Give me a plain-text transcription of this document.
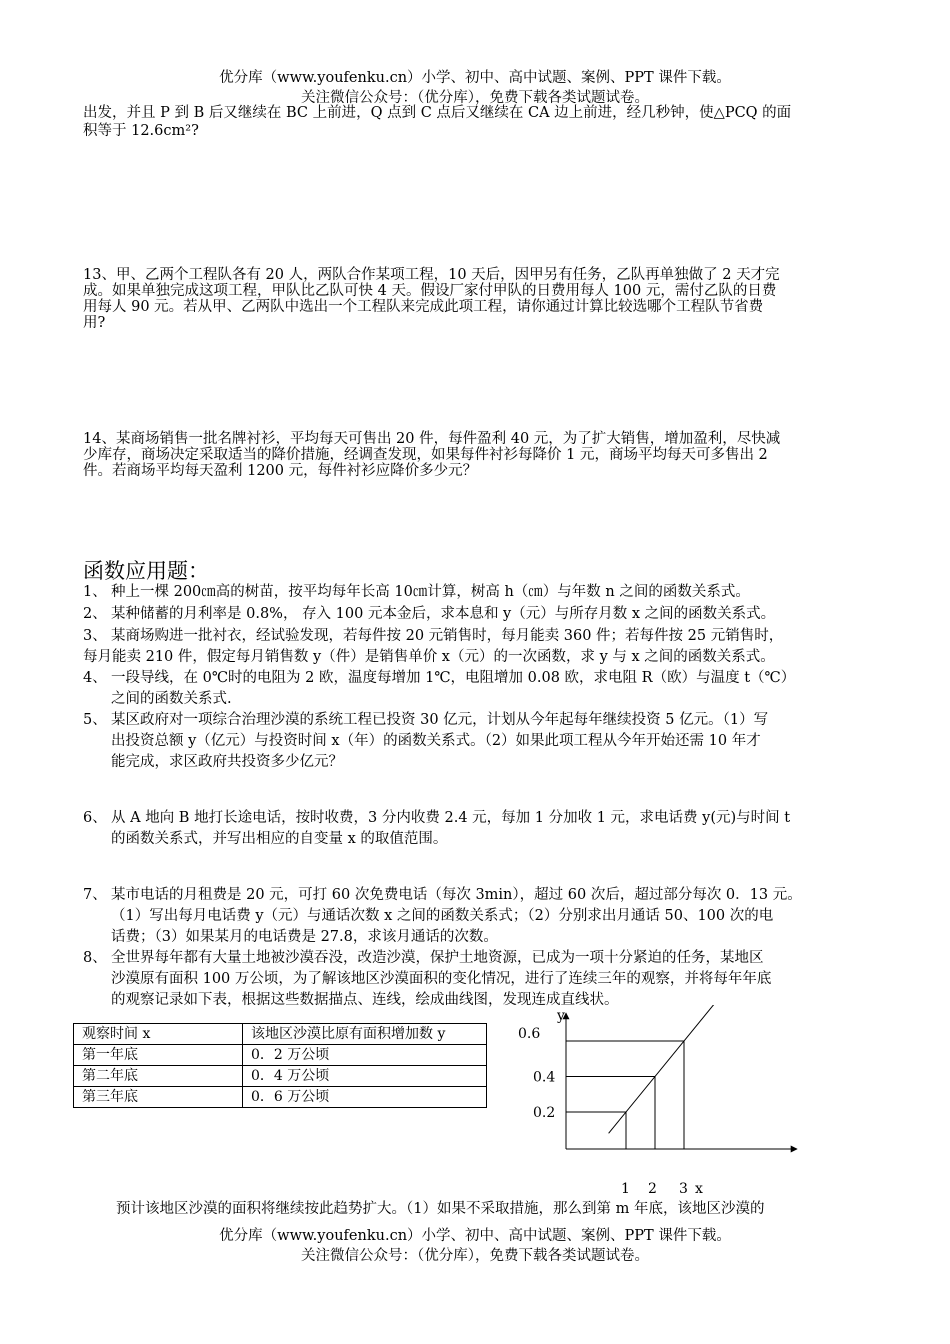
优分库（www.youfenku.cn）小学、初中、高中试题、案例、PPT 课件下载。
关注微信公众号：（优分库），免费下载各类试题试卷。
出发，并且 P 到 B 后又继续在 BC 上前进，Q 点到 C 点后又继续在 CA 边上前进，经几秒钟，使△PCQ 的面
积等于 12.6cm²?
13、甲、乙两个工程队各有 20 人，两队合作某项工程，10 天后，因甲另有任务，乙队再单独做了 2 天才完
成。如果单独完成这项工程，甲队比乙队可快 4 天。假设厂家付甲队的日费用每人 100 元，需付乙队的日费
用每人 90 元。若从甲、乙两队中选出一个工程队来完成此项工程，请你通过计算比较选哪个工程队节省费
用?
14、某商场销售一批名牌衬衫，平均每天可售出 20 件，每件盈利 40 元，为了扩大销售，增加盈利，尽快减
少库存，商场决定采取适当的降价措施，经调查发现，如果每件衬衫每降价 1 元，商场平均每天可多售出 2
件。若商场平均每天盈利 1200 元，每件衬衫应降价多少元？
函数应用题：
1、 种上一棵 200㎝高的树苗，按平均每年长高 10㎝计算，树高 h（㎝）与年数 n 之间的函数关系式。
2、 某种储蓄的月利率是 0.8%， 存入 100 元本金后，求本息和 y（元）与所存月数 x 之间的函数关系式。
3、 某商场购进一批衬衣，经试验发现，若每件按 20 元销售时，每月能卖 360 件；若每件按 25 元销售时，
每月能卖 210 件，假定每月销售数 y（件）是销售单价 x（元）的一次函数，求 y 与 x 之间的函数关系式。
4、 一段导线，在 0℃时的电阻为 2 欧，温度每增加 1℃，电阻增加 0.08 欧，求电阻 R（欧）与温度 t（℃）
之间的函数关系式.
5、 某区政府对一项综合治理沙漠的系统工程已投资 30 亿元，计划从今年起每年继续投资 5 亿元。（1）写
出投资总额 y（亿元）与投资时间 x（年）的函数关系式。（2）如果此项工程从今年开始还需 10 年才
能完成，求区政府共投资多少亿元？
6、 从 A 地向 B 地打长途电话，按时收费，3 分内收费 2.4 元，每加 1 分加收 1 元，求电话费 y(元)与时间 t
的函数关系式，并写出相应的自变量 x 的取值范围。
7、 某市电话的月租费是 20 元，可打 60 次免费电话（每次 3min），超过 60 次后，超过部分每次 0．13 元。
（1）写出每月电话费 y（元）与通话次数 x 之间的函数关系式；（2）分别求出月通话 50、100 次的电
话费；（3）如果某月的电话费是 27.8，求该月通话的次数。
8、 全世界每年都有大量土地被沙漠吞没，改造沙漠，保护土地资源，已成为一项十分紧迫的任务，某地区
沙漠原有面积 100 万公顷，为了解该地区沙漠面积的变化情况，进行了连续三年的观察，并将每年年底
的观察记录如下表，根据这些数据描点、连线，绘成曲线图，发现连成直线状。
观察时间 x	该地区沙漠比原有面积增加数 y
第一年底	0．2 万公顷
第二年底	0．4 万公顷
第三年底	0．6 万公顷
y
x
0.2
0.4
0.6
1 2 3
预计该地区沙漠的面积将继续按此趋势扩大。（1）如果不采取措施，那么到第 m 年底，该地区沙漠的
优分库（www.youfenku.cn）小学、初中、高中试题、案例、PPT 课件下载。
关注微信公众号：（优分库），免费下载各类试题试卷。
